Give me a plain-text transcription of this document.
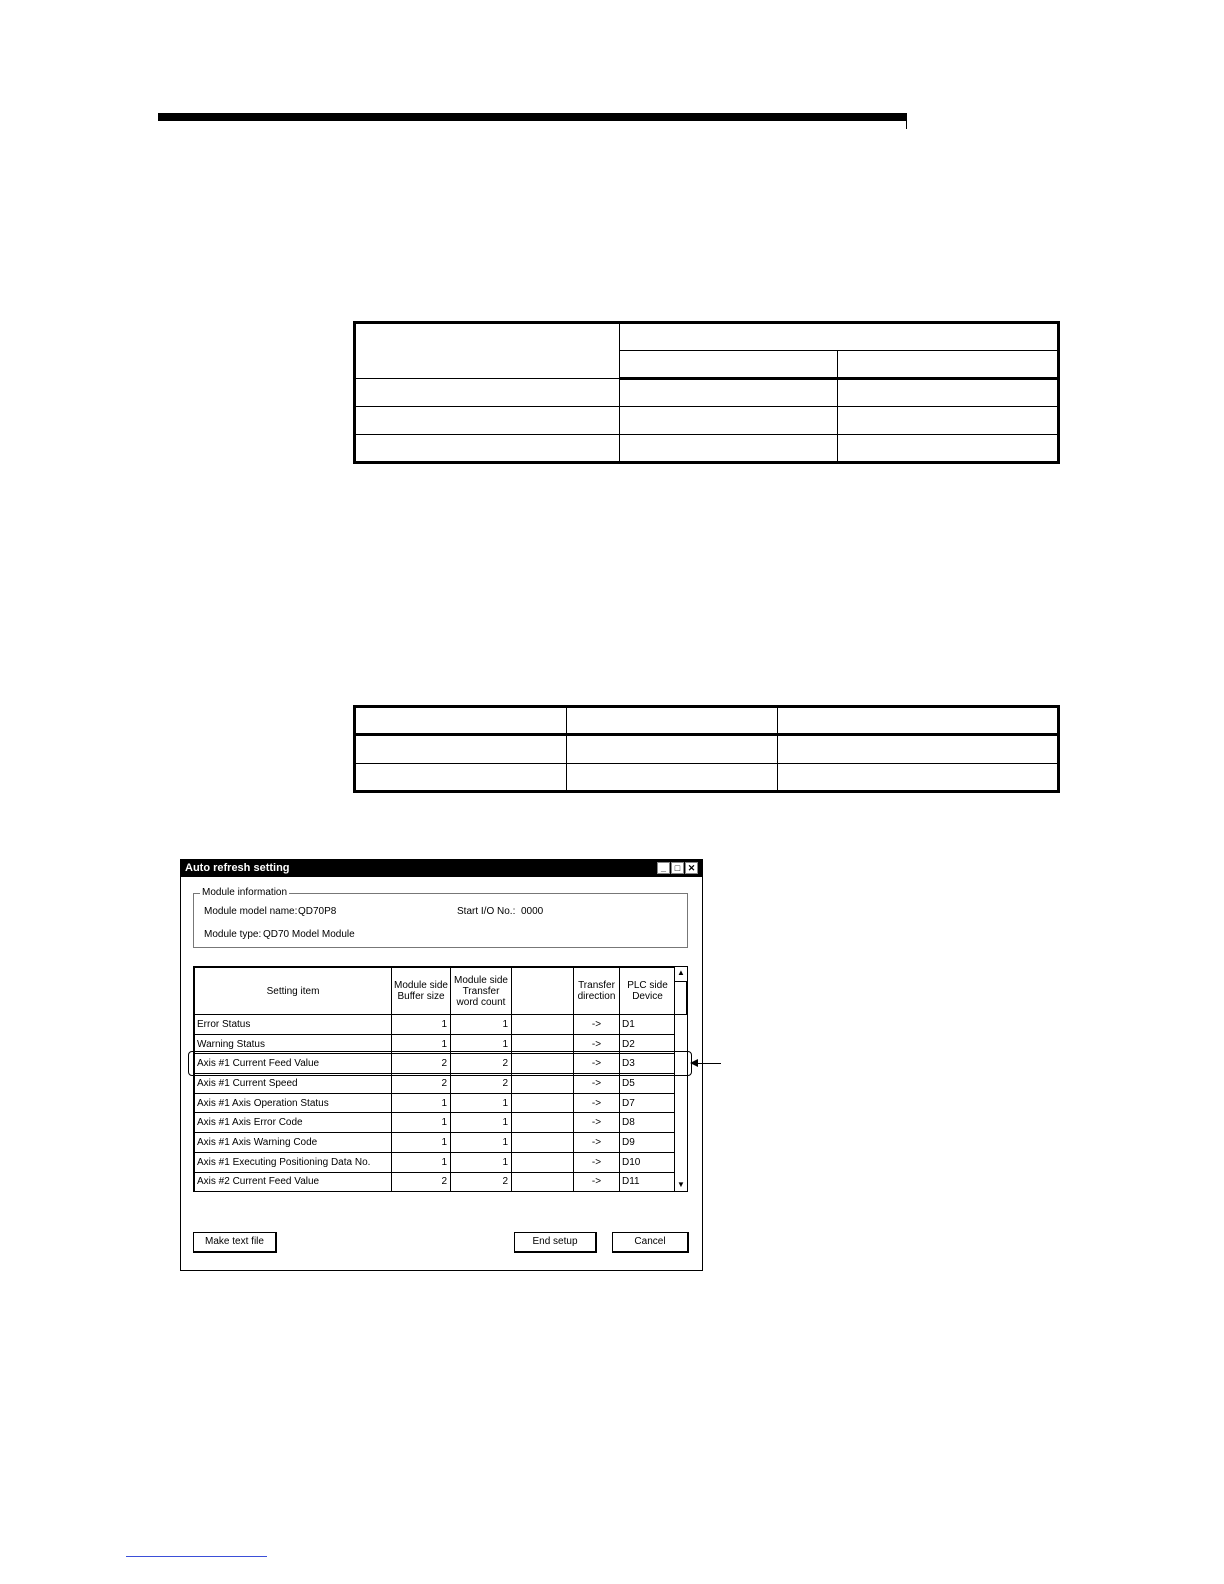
Auto refresh setting	_ □ ✕
Module information
Module model name: QD70P8	Start I/O No.: 0000
Module type: QD70 Model Module
Setting item	Module side Buffer size	Module side Transfer word count		Transfer direction	PLC side Device
Error Status	1	1		->	D1
Warning Status	1	1		->	D2
Axis #1 Current Feed Value	2	2		->	D3
Axis #1 Current Speed	2	2		->	D5
Axis #1 Axis Operation Status	1	1		->	D7
Axis #1 Axis Error Code	1	1		->	D8
Axis #1 Axis Warning Code	1	1		->	D9
Axis #1 Executing Positioning Data No.	1	1		->	D10
Axis #2 Current Feed Value	2	2		->	D11
▲
▼
Make text file	End setup	Cancel
